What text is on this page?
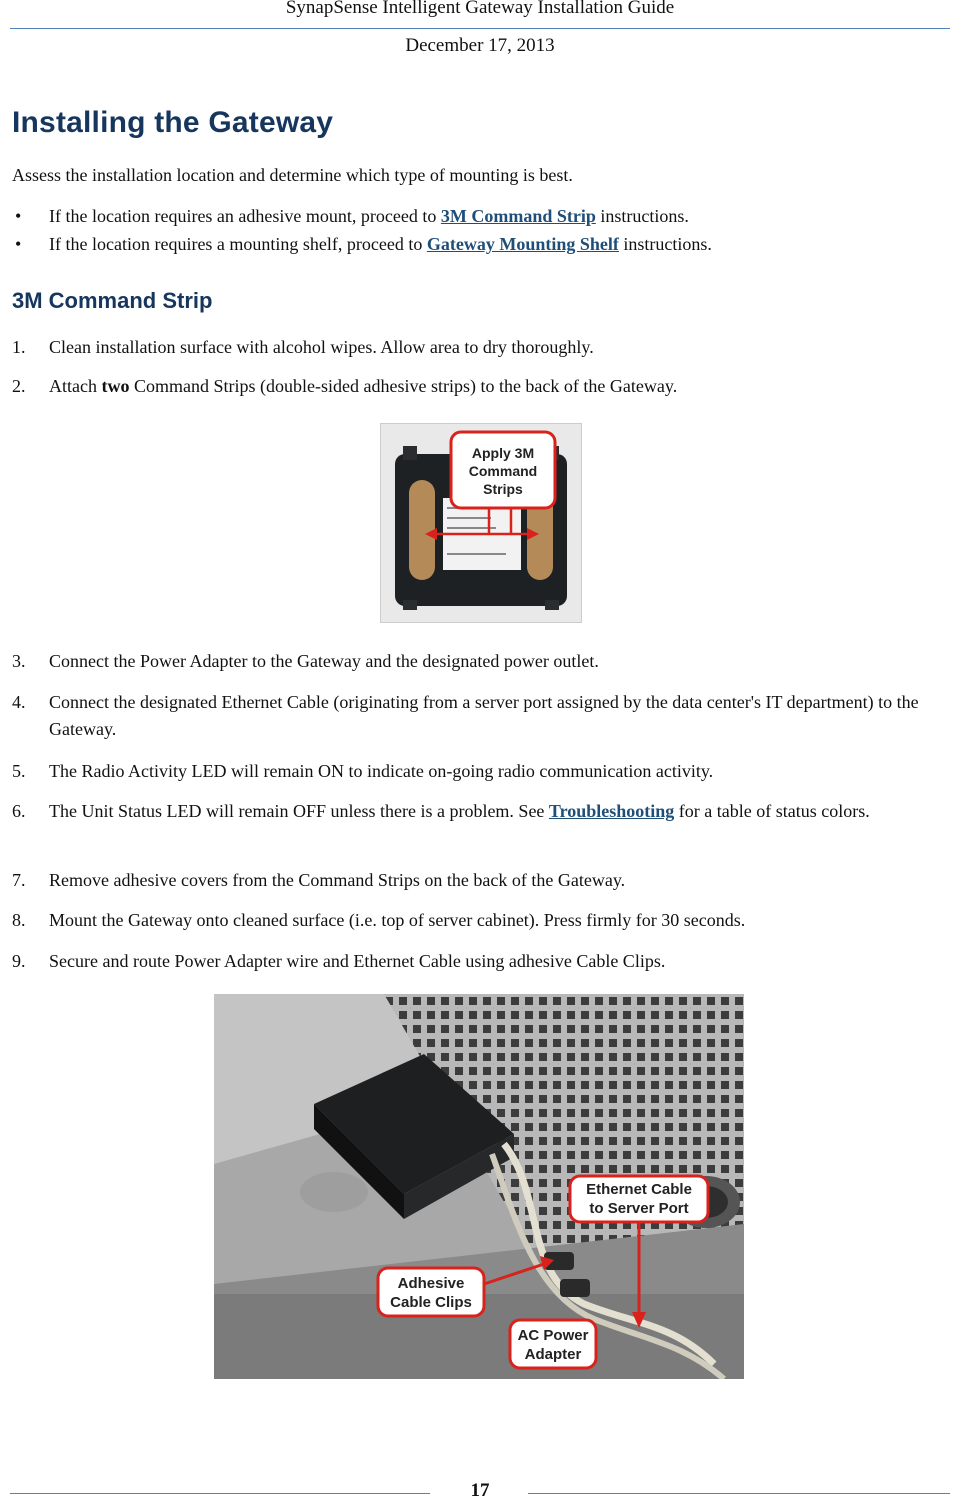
SynapSense Intelligent Gateway Installation Guide
December 17, 2013
Installing the Gateway
Assess the installation location and determine which type of mounting is best.
• If the location requires an adhesive mount, proceed to 3M Command Strip instructions.
• If the location requires a mounting shelf, proceed to Gateway Mounting Shelf instructions.
3M Command Strip
1. Clean installation surface with alcohol wipes. Allow area to dry thoroughly.
2. Attach two Command Strips (double-sided adhesive strips) to the back of the Gateway.
Apply 3M
Command
Strips
3. Connect the Power Adapter to the Gateway and the designated power outlet.
4. Connect the designated Ethernet Cable (originating from a server port assigned by the data center's IT department) to the Gateway.
5. The Radio Activity LED will remain ON to indicate on-going radio communication activity.
6. The Unit Status LED will remain OFF unless there is a problem. See Troubleshooting for a table of status colors.
7. Remove adhesive covers from the Command Strips on the back of the Gateway.
8. Mount the Gateway onto cleaned surface (i.e. top of server cabinet). Press firmly for 30 seconds.
9. Secure and route Power Adapter wire and Ethernet Cable using adhesive Cable Clips.
Ethernet Cable
to Server Port
Adhesive
Cable Clips
AC Power
Adapter
17
